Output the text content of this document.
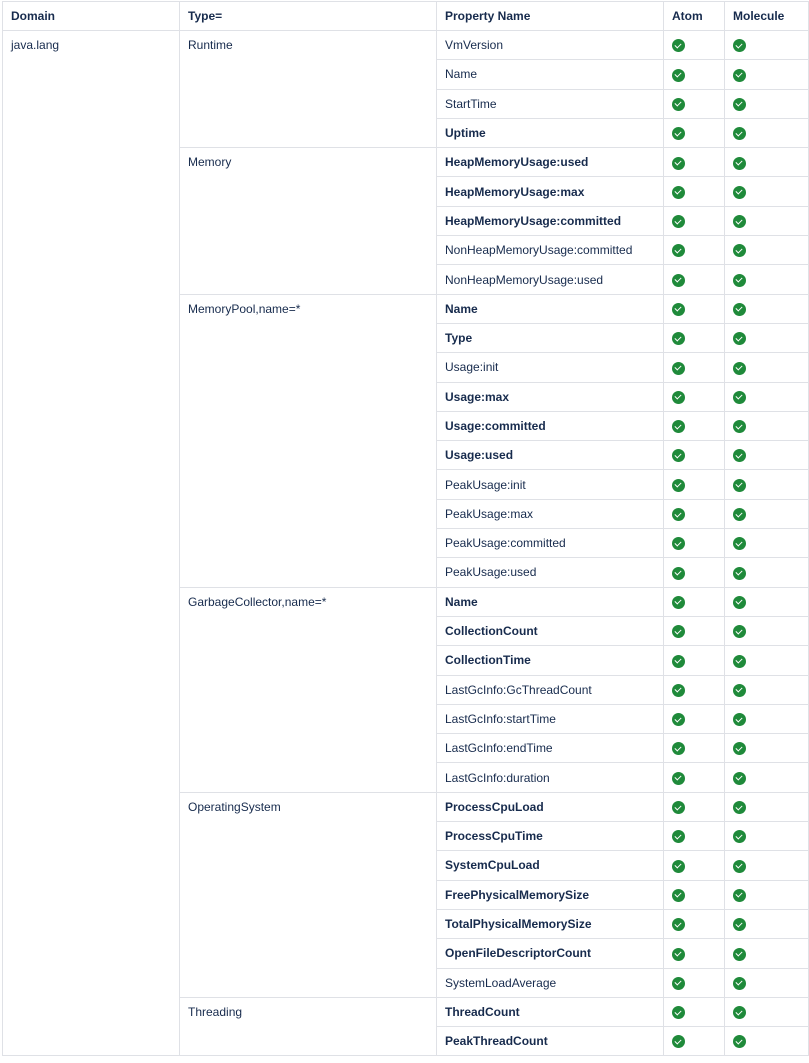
Domain	Type=	Property Name	Atom	Molecule
java.lang	Runtime	VmVersion		
		Name		
		StartTime		
		Uptime		
	Memory	HeapMemoryUsage:used		
		HeapMemoryUsage:max		
		HeapMemoryUsage:committed		
		NonHeapMemoryUsage:committed		
		NonHeapMemoryUsage:used		
	MemoryPool,name=*	Name		
		Type		
		Usage:init		
		Usage:max		
		Usage:committed		
		Usage:used		
		PeakUsage:init		
		PeakUsage:max		
		PeakUsage:committed		
		PeakUsage:used		
	GarbageCollector,name=*	Name		
		CollectionCount		
		CollectionTime		
		LastGcInfo:GcThreadCount		
		LastGcInfo:startTime		
		LastGcInfo:endTime		
		LastGcInfo:duration		
	OperatingSystem	ProcessCpuLoad		
		ProcessCpuTime		
		SystemCpuLoad		
		FreePhysicalMemorySize		
		TotalPhysicalMemorySize		
		OpenFileDescriptorCount		
		SystemLoadAverage		
	Threading	ThreadCount		
		PeakThreadCount		
